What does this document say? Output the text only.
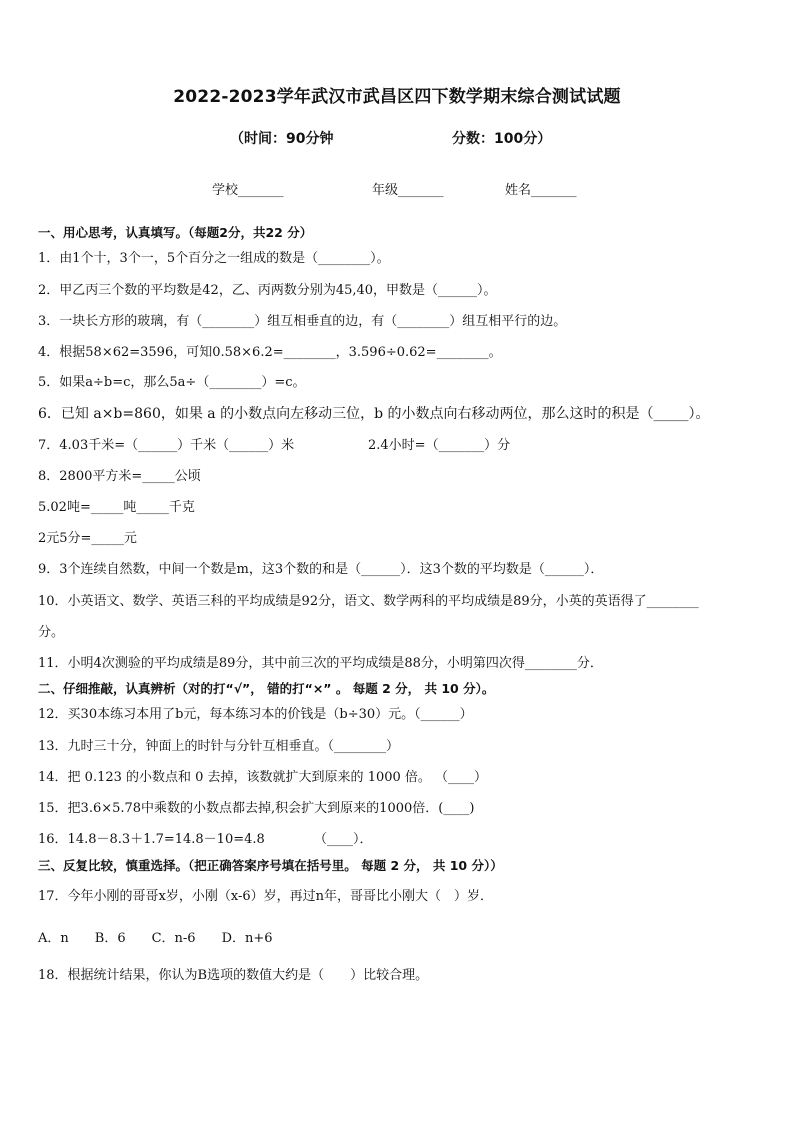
2022-2023学年武汉市武昌区四下数学期末综合测试试题
（时间：90分钟	分数：100分）
学校_______	年级_______	姓名_______
一、用心思考，认真填写。（每题2分，共22 分）
1．由1个十，3个一，5个百分之一组成的数是（________）。
2．甲乙丙三个数的平均数是42，乙、丙两数分别为45,40，甲数是（______）。
3．一块长方形的玻璃，有（________）组互相垂直的边，有（________）组互相平行的边。
4．根据58×62=3596，可知0.58×6.2=________，3.596÷0.62=________。
5．如果a÷b=c，那么5a÷（________）=c。
6．已知 a×b=860，如果 a 的小数点向左移动三位，b 的小数点向右移动两位，那么这时的积是（_____）。
7．4.03千米=（______）千米（______）米	2.4小时=（_______）分
8．2800平方米=_____公顷
5.02吨=_____吨_____千克
2元5分=_____元
9．3个连续自然数，中间一个数是m，这3个数的和是（______）．这3个数的平均数是（______）．
10．小英语文、数学、英语三科的平均成绩是92分，语文、数学两科的平均成绩是89分，小英的英语得了________
分。
11．小明4次测验的平均成绩是89分，其中前三次的平均成绩是88分，小明第四次得________分．
二、仔细推敲，认真辨析（对的打“√”， 错的打“×” 。 每题 2 分， 共 10 分）。
12．买30本练习本用了b元，每本练习本的价钱是（b÷30）元。（______）
13．九时三十分，钟面上的时针与分针互相垂直。（________）
14．把 0.123 的小数点和 0 去掉，该数就扩大到原来的 1000 倍。 （____）
15．把3.6×5.78中乘数的小数点都去掉,积会扩大到原来的1000倍．(____)
16．14.8－8.3＋1.7=14.8－10=4.8	（____）．
三、反复比较，慎重选择。（把正确答案序号填在括号里。 每题 2 分， 共 10 分））
17．今年小刚的哥哥x岁，小刚（x-6）岁，再过n年，哥哥比小刚大（　）岁．
A．n　　B．6　　C．n-6　　D．n+6
18．根据统计结果，你认为B选项的数值大约是（　　）比较合理。
